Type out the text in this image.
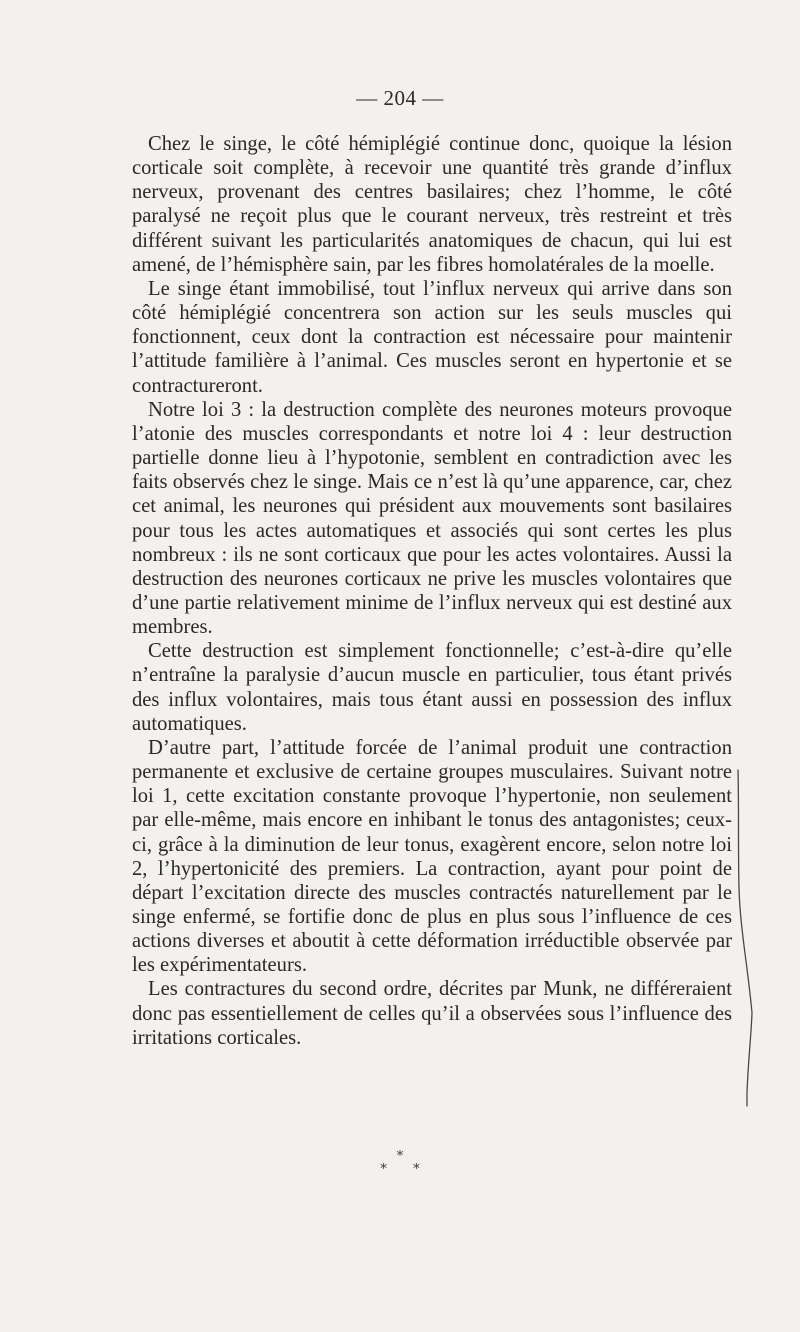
— 204 —

Chez le singe, le côté hémiplégié continue donc, quoique la lésion corticale soit complète, à recevoir une quantité très grande d’influx nerveux, provenant des centres basilaires; chez l’homme, le côté paralysé ne reçoit plus que le courant nerveux, très restreint et très différent suivant les particularités anatomiques de chacun, qui lui est amené, de l’hémisphère sain, par les fibres homolatérales de la moelle.

Le singe étant immobilisé, tout l’influx nerveux qui arrive dans son côté hémiplégié concentrera son action sur les seuls muscles qui fonctionnent, ceux dont la contraction est nécessaire pour maintenir l’attitude familière à l’animal. Ces muscles seront en hypertonie et se contractureront.

Notre loi 3 : la destruction complète des neurones moteurs provoque l’atonie des muscles correspondants et notre loi 4 : leur destruction partielle donne lieu à l’hypotonie, semblent en contradiction avec les faits observés chez le singe. Mais ce n’est là qu’une apparence, car, chez cet animal, les neurones qui président aux mouvements sont basilaires pour tous les actes automatiques et associés qui sont certes les plus nombreux : ils ne sont corticaux que pour les actes volontaires. Aussi la destruction des neurones corticaux ne prive les muscles volontaires que d’une partie relativement minime de l’influx nerveux qui est destiné aux membres.

Cette destruction est simplement fonctionnelle; c’est-à-dire qu’elle n’entraîne la paralysie d’aucun muscle en particulier, tous étant privés des influx volontaires, mais tous étant aussi en possession des influx automatiques.

D’autre part, l’attitude forcée de l’animal produit une contraction permanente et exclusive de certaine groupes musculaires. Suivant notre loi 1, cette excitation constante provoque l’hypertonie, non seulement par elle-même, mais encore en inhibant le tonus des antagonistes; ceux-ci, grâce à la diminution de leur tonus, exagèrent encore, selon notre loi 2, l’hypertonicité des premiers. La contraction, ayant pour point de départ l’excitation directe des muscles contractés naturellement par le singe enfermé, se fortifie donc de plus en plus sous l’influence de ces actions diverses et aboutit à cette déformation irréductible observée par les expérimentateurs.

Les contractures du second ordre, décrites par Munk, ne différeraient donc pas essentiellement de celles qu’il a observées sous l’influence des irritations corticales.

*
* *
